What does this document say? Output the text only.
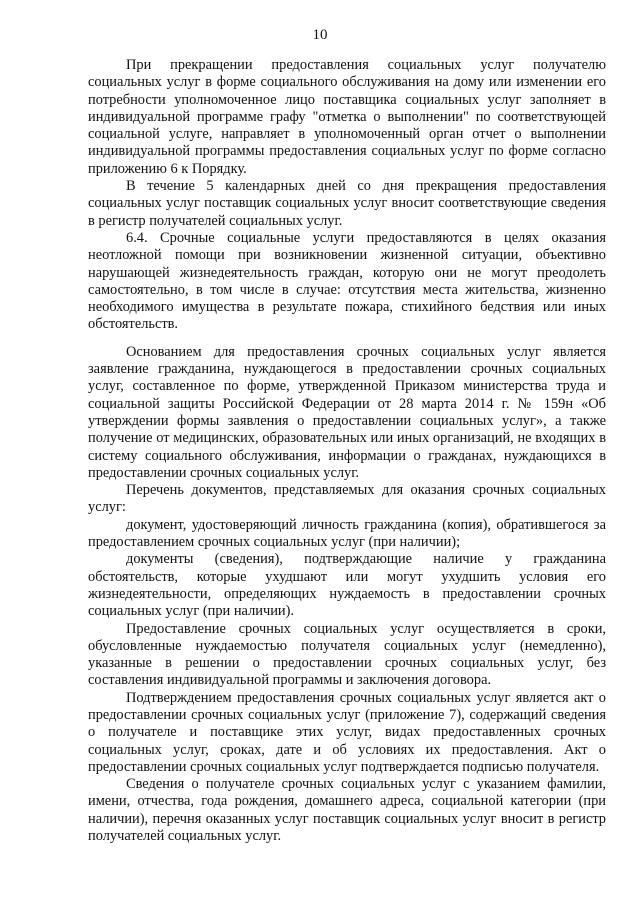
10

При прекращении предоставления социальных услуг получателю социальных услуг в форме социального обслуживания на дому или изменении его потребности уполномоченное лицо поставщика социальных услуг заполняет в индивидуальной программе графу "отметка о выполнении" по соответствующей социальной услуге, направляет в уполномоченный орган отчет о выполнении индивидуальной программы предоставления социальных услуг по форме согласно приложению 6 к Порядку.

В течение 5 календарных дней со дня прекращения предоставления социальных услуг поставщик социальных услуг вносит соответствующие сведения в регистр получателей социальных услуг.

6.4. Срочные социальные услуги предоставляются в целях оказания неотложной помощи при возникновении жизненной ситуации, объективно нарушающей жизнедеятельность граждан, которую они не могут преодолеть самостоятельно, в том числе в случае: отсутствия места жительства, жизненно необходимого имущества в результате пожара, стихийного бедствия или иных обстоятельств.

Основанием для предоставления срочных социальных услуг является заявление гражданина, нуждающегося в предоставлении срочных социальных услуг, составленное по форме, утвержденной Приказом министерства труда и социальной защиты Российской Федерации от 28 марта 2014 г. № 159н «Об утверждении формы заявления о предоставлении социальных услуг», а также получение от медицинских, образовательных или иных организаций, не входящих в систему социального обслуживания, информации о гражданах, нуждающихся в предоставлении срочных социальных услуг.

Перечень документов, представляемых для оказания срочных социальных услуг:

документ, удостоверяющий личность гражданина (копия), обратившегося за предоставлением срочных социальных услуг (при наличии);

документы (сведения), подтверждающие наличие у гражданина обстоятельств, которые ухудшают или могут ухудшить условия его жизнедеятельности, определяющих нуждаемость в предоставлении срочных социальных услуг (при наличии).

Предоставление срочных социальных услуг осуществляется в сроки, обусловленные нуждаемостью получателя социальных услуг (немедленно), указанные в решении о предоставлении срочных социальных услуг, без составления индивидуальной программы и заключения договора.

Подтверждением предоставления срочных социальных услуг является акт о предоставлении срочных социальных услуг (приложение 7), содержащий сведения о получателе и поставщике этих услуг, видах предоставленных срочных социальных услуг, сроках, дате и об условиях их предоставления. Акт о предоставлении срочных социальных услуг подтверждается подписью получателя.

Сведения о получателе срочных социальных услуг с указанием фамилии, имени, отчества, года рождения, домашнего адреса, социальной категории (при наличии), перечня оказанных услуг поставщик социальных услуг вносит в регистр получателей социальных услуг.
